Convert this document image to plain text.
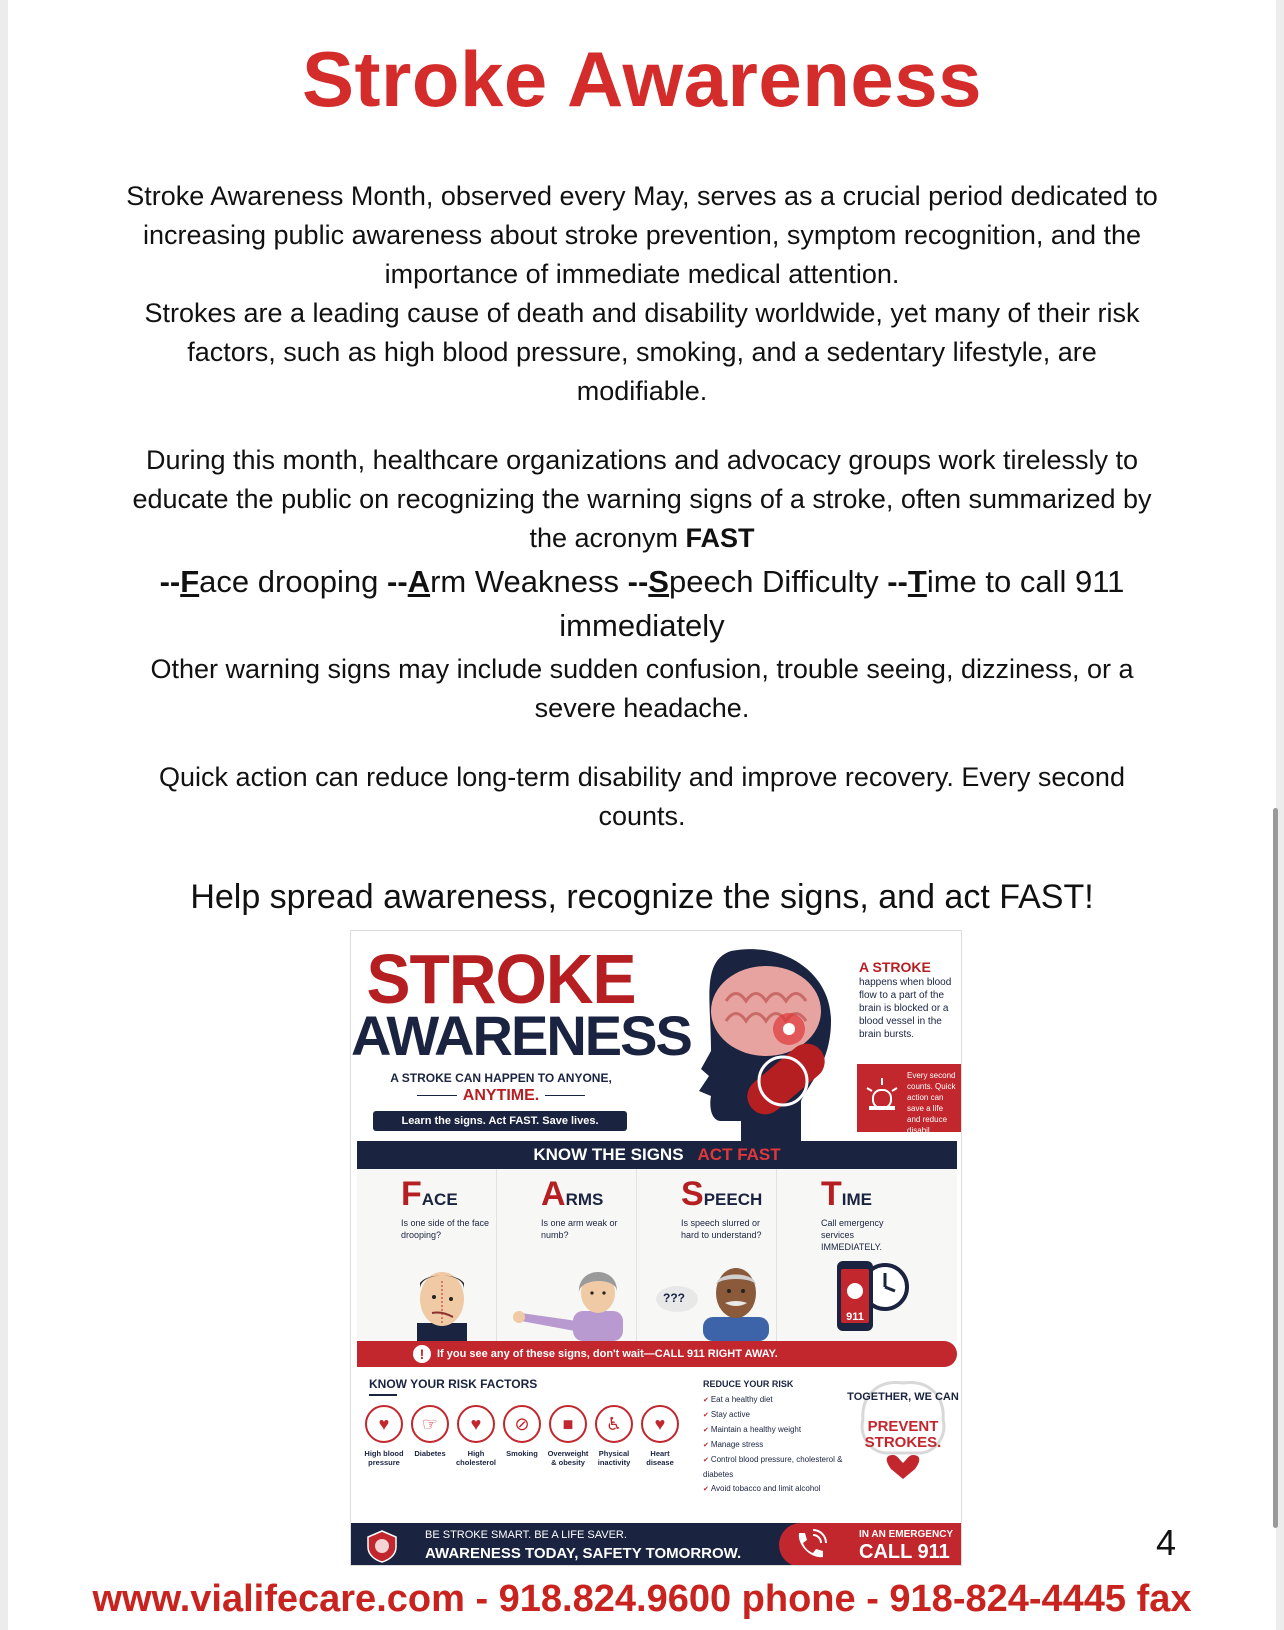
Stroke Awareness
Stroke Awareness Month, observed every May, serves as a crucial period dedicated to
increasing public awareness about stroke prevention, symptom recognition, and the
importance of immediate medical attention.
Strokes are a leading cause of death and disability worldwide, yet many of their risk
factors, such as high blood pressure, smoking, and a sedentary lifestyle, are
modifiable.
During this month, healthcare organizations and advocacy groups work tirelessly to
educate the public on recognizing the warning signs of a stroke, often summarized by
the acronym FAST
--Face drooping --Arm Weakness --Speech Difficulty --Time to call 911
immediately
Other warning signs may include sudden confusion, trouble seeing, dizziness, or a
severe headache.
Quick action can reduce long-term disability and improve recovery. Every second
counts.
Help spread awareness, recognize the signs, and act FAST!
STROKE
AWARENESS
A STROKE CAN HAPPEN TO ANYONE,
ANYTIME.
Learn the signs. Act FAST. Save lives.
A STROKE
happens when blood flow to a part of the brain is blocked or a blood vessel in the brain bursts.
Every second counts. Quick action can save a life and reduce disabil
KNOW THE SIGNS ACT FAST
FACE
Is one side of the face drooping?
ARMS
Is one arm weak or numb?
SPEECH
Is speech slurred or hard to understand?
???
TIME
Call emergency services IMMEDIATELY.
911
!	If you see any of these signs, don't wait—CALL 911 RIGHT AWAY.
KNOW YOUR RISK FACTORS
♥
High blood pressure
☞
Diabetes
♥
High cholesterol
⊘
Smoking
■
Overweight & obesity
♿
Physical inactivity
♥
Heart disease
REDUCE YOUR RISK
✔ Eat a healthy diet
✔ Stay active
✔ Maintain a healthy weight
✔ Manage stress
✔ Control blood pressure, cholesterol & diabetes
✔ Avoid tobacco and limit alcohol
TOGETHER, WE CAN
PREVENT STROKES.
BE STROKE SMART. BE A LIFE SAVER.
AWARENESS TODAY, SAFETY TOMORROW.
IN AN EMERGENCY
CALL 911	4
www.vialifecare.com - 918.824.9600 phone - 918-824-4445 fax
